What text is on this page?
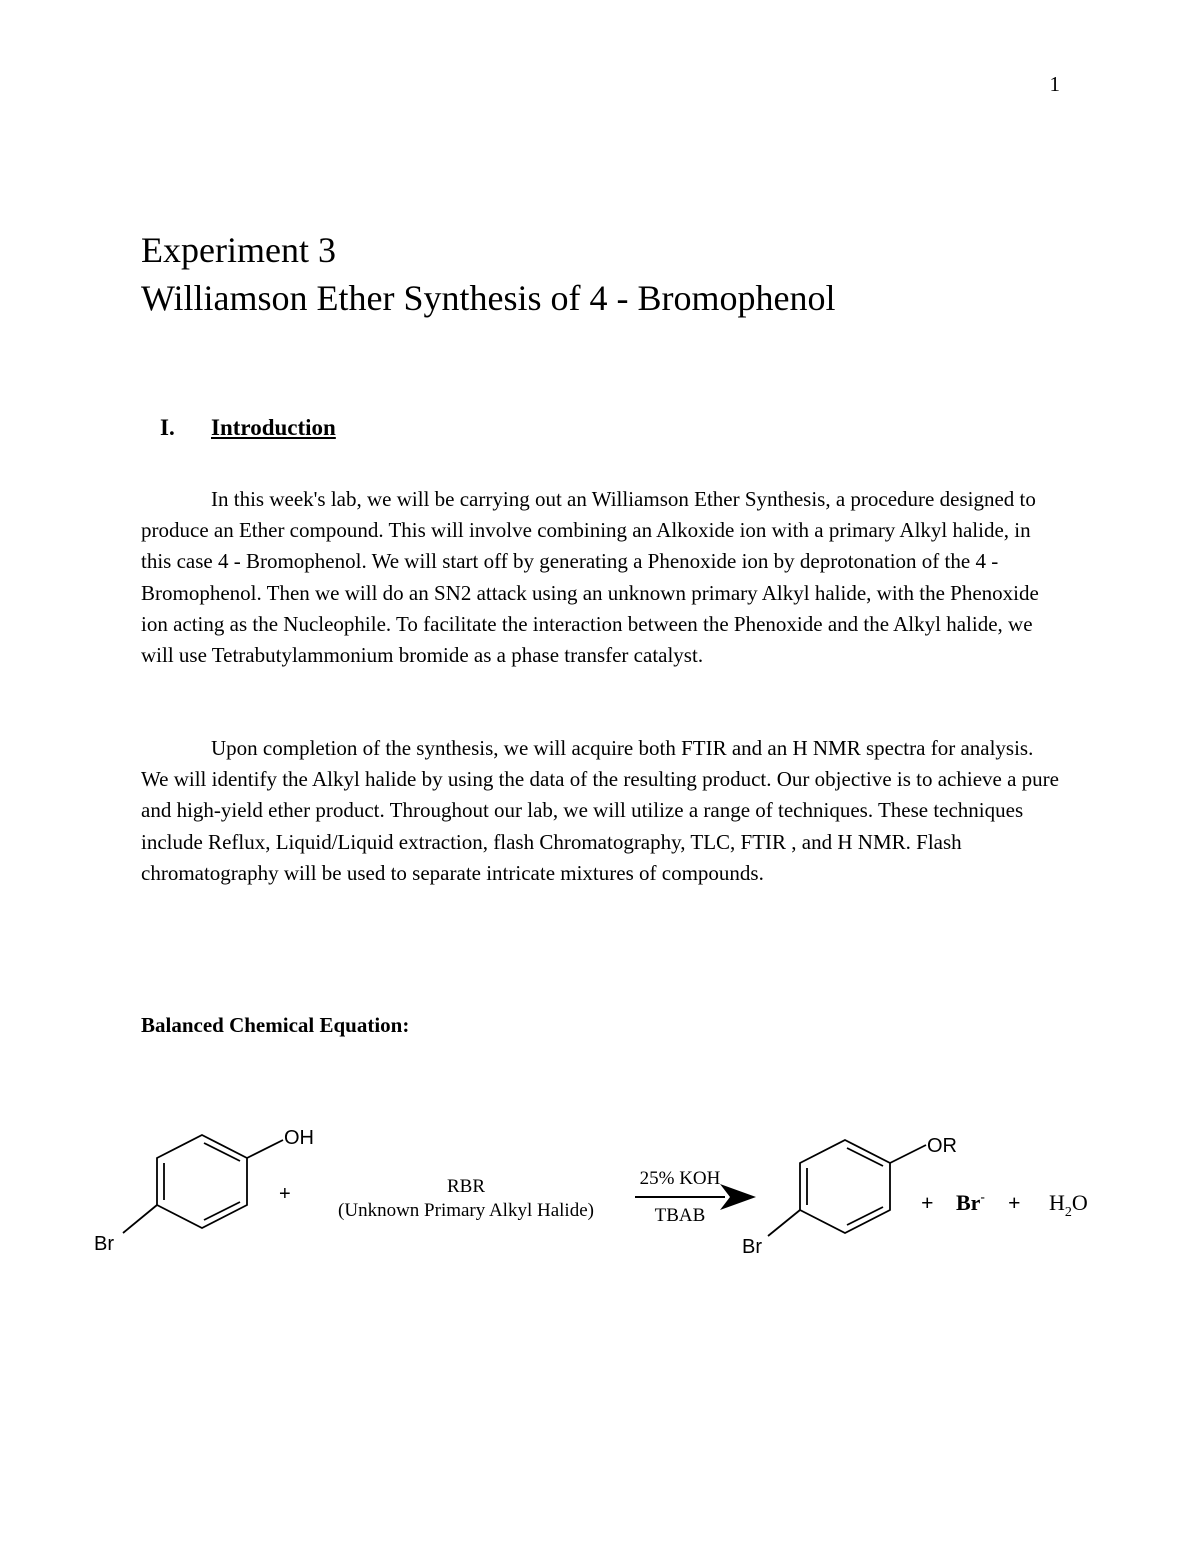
1
Experiment 3
Williamson Ether Synthesis of 4 - Bromophenol
I. Introduction

In this week's lab, we will be carrying out an Williamson Ether Synthesis, a procedure designed to produce an Ether compound. This will involve combining an Alkoxide ion with a primary Alkyl halide, in this case 4 - Bromophenol. We will start off by generating a Phenoxide ion by deprotonation of the 4 - Bromophenol. Then we will do an SN2 attack using an unknown primary Alkyl halide, with the Phenoxide ion acting as the Nucleophile. To facilitate the interaction between the Phenoxide and the Alkyl halide, we will use Tetrabutylammonium bromide as a phase transfer catalyst.

Upon completion of the synthesis, we will acquire both FTIR and an H NMR spectra for analysis. We will identify the Alkyl halide by using the data of the resulting product. Our objective is to achieve a pure and high-yield ether product. Throughout our lab, we will utilize a range of techniques. These techniques include Reflux, Liquid/Liquid extraction, flash Chromatography, TLC, FTIR , and H NMR. Flash chromatography will be used to separate intricate mixtures of compounds.

Balanced Chemical Equation:
OH
Br
+	RBR
(Unknown Primary Alkyl Halide)
25% KOH
TBAB
OR
Br
+ $Br^- + H_2O$
